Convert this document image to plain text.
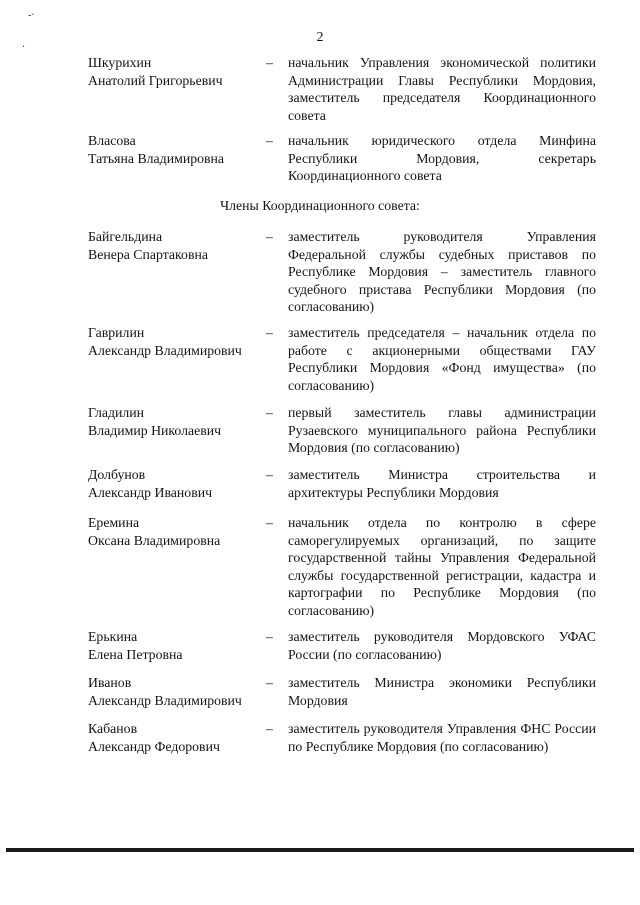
-‧
‧
2
Шкурихин
Анатолий Григорьевич
–	начальник Управления экономической политики Администрации Главы Республики Мордовия, заместитель председателя Координационного совета
Власова
Татьяна Владимировна
–	начальник юридического отдела Минфина Республики Мордовия, секретарь Координационного совета
Члены Координационного совета:
Байгельдина
Венера Спартаковна
–	заместитель руководителя Управления Федеральной службы судебных приставов по Республике Мордовия – заместитель главного судебного пристава Республики Мордовия (по согласованию)
Гаврилин
Александр Владимирович
–	заместитель председателя – начальник отдела по работе с акционерными обществами ГАУ Республики Мордовия «Фонд имущества» (по согласованию)
Гладилин
Владимир Николаевич
–	первый заместитель главы администрации Рузаевского муниципального района Республики Мордовия (по согласованию)
Долбунов
Александр Иванович
–	заместитель Министра строительства и архитектуры Республики Мордовия
Еремина
Оксана Владимировна
–	начальник отдела по контролю в сфере саморегулируемых организаций, по защите государственной тайны Управления Федеральной службы государственной регистрации, кадастра и картографии по Республике Мордовия (по согласованию)
Ерькина
Елена Петровна
–	заместитель руководителя Мордовского УФАС России (по согласованию)
Иванов
Александр Владимирович
–	заместитель Министра экономики Республики Мордовия
Кабанов
Александр Федорович
–	заместитель руководителя Управления ФНС России по Республике Мордовия (по согласованию)
